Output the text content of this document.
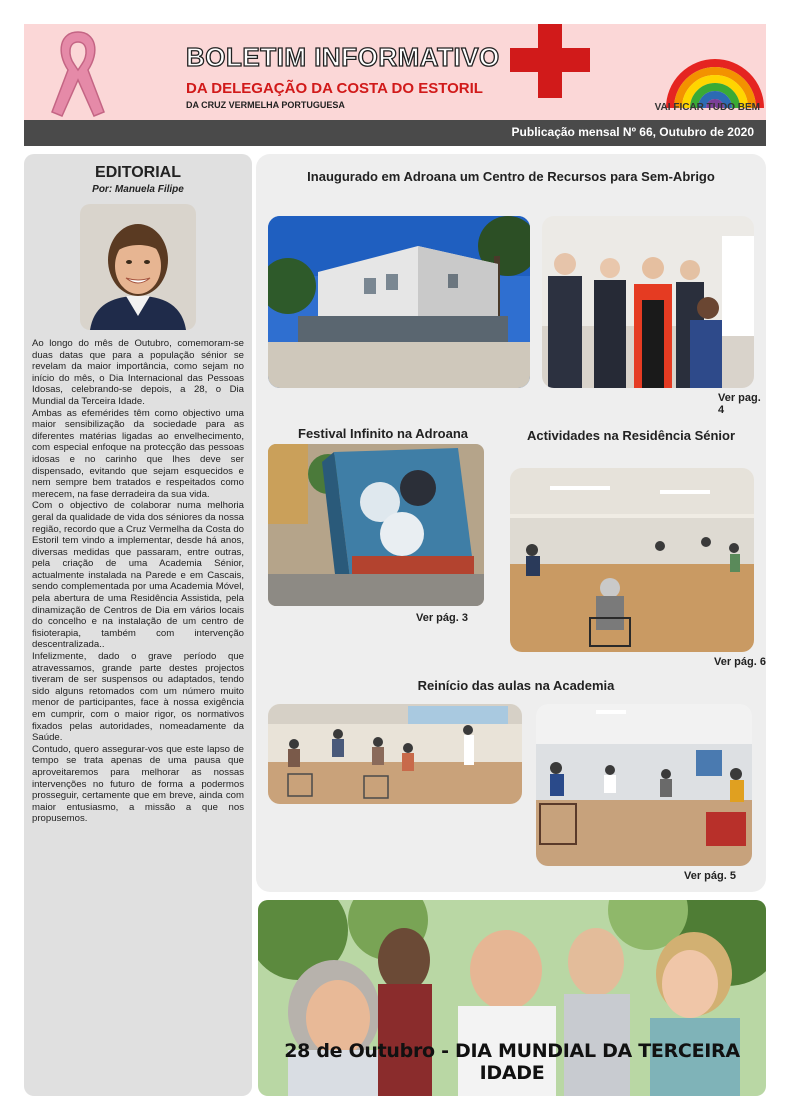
BOLETIM INFORMATIVO
DA DELEGAÇÃO DA COSTA DO ESTORIL
DA CRUZ VERMELHA PORTUGUESA	VAI FICAR TUDO BEM
Publicação mensal Nº 66, Outubro de 2020
EDITORIAL
Por: Manuela Filipe

Ao longo do mês de Outubro, comemoram-se duas datas que para a população sénior se revelam da maior importância, como sejam no início do mês, o Dia Internacional das Pessoas Idosas, celebrando-se depois, a 28, o Dia Mundial da Terceira Idade.

Ambas as efemérides têm como objectivo uma maior sensibilização da sociedade para as diferentes matérias ligadas ao envelhecimento, com especial enfoque na protecção das pessoas idosas e no carinho que lhes deve ser dispensado, evitando que sejam esquecidos e nem sempre bem tratados e respeitados como merecem, na fase derradeira da sua vida.

Com o objectivo de colaborar numa melhoria geral da qualidade de vida dos séniores da nossa região, recordo que a Cruz Vermelha da Costa do Estoril tem vindo a implementar, desde há anos, diversas medidas que passaram, entre outras, pela criação de uma Academia Sénior, actualmente instalada na Parede e em Cascais, sendo complementada por uma Academia Móvel, pela abertura de uma Residência Assistida, pela dinamização de Centros de Dia em vários locais do concelho e na instalação de um centro de fisioterapia, também com intervenção descentralizada..

Infelizmente, dado o grave período que atravessamos, grande parte destes projectos tiveram de ser suspensos ou adaptados, tendo sido alguns retomados com um número muito menor de participantes, face à nossa exigência em cumprir, com o maior rigor, os normativos fixados pelas autoridades, nomeadamente da Saúde.

Contudo, quero assegurar-vos que este lapso de tempo se trata apenas de uma pausa que aproveitaremos para melhorar as nossas intervenções no futuro de forma a podermos prosseguir, certamente que em breve, ainda com maior entusiasmo, a missão a que nos propusemos.

Inaugurado em Adroana um Centro de Recursos para Sem-Abrigo
Ver pag. 4
Festival Infinito na Adroana
Ver pág. 3
Actividades na Residência Sénior
Ver pág. 6
Reinício das aulas na Academia
Ver pág. 5
28 de Outubro - DIA MUNDIAL DA TERCEIRA IDADE
